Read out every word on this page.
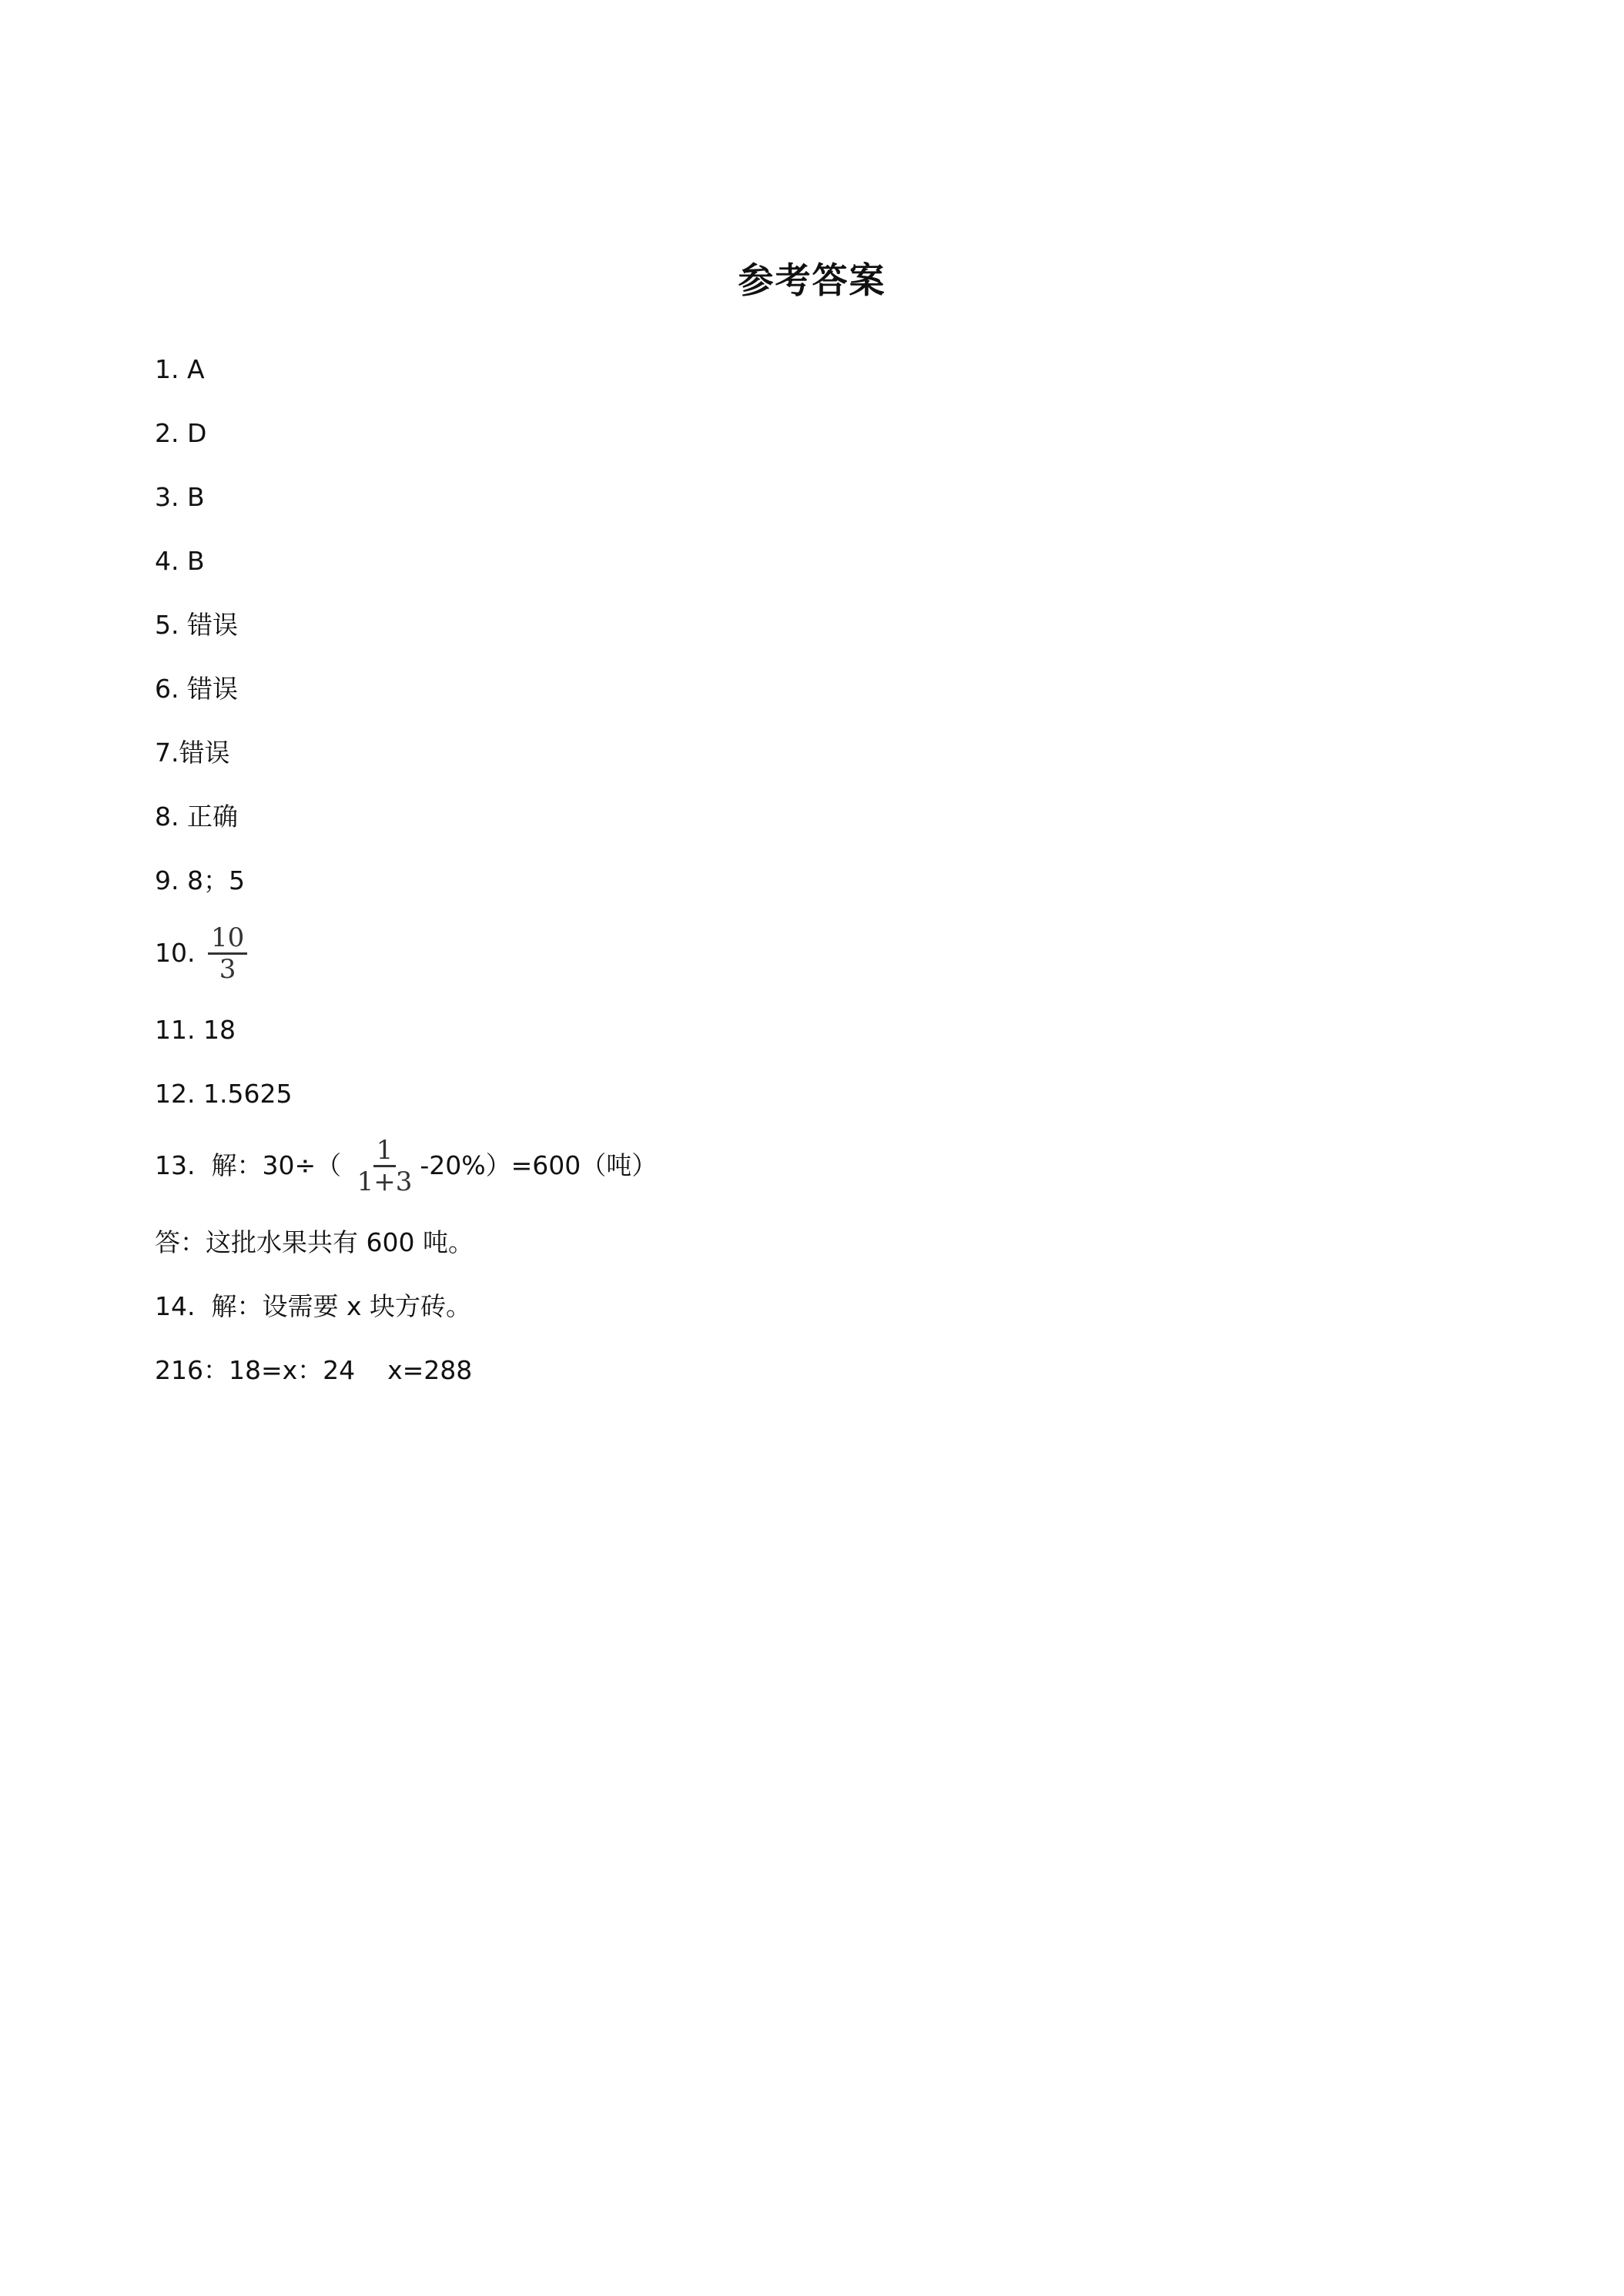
参考答案
1. A
2. D
3. B
4. B
5. 错误
6. 错误
7.错误
8. 正确
9. 8；5
10. $\frac{10}{3}$
11. 18
12. 1.5625
13.  解：$30\div( \frac{1}{1+3} -20\%)=600$（吨）
答：这批水果共有 600 吨。
14.  解：设需要 x 块方砖。
216：18=x：24    x=288
